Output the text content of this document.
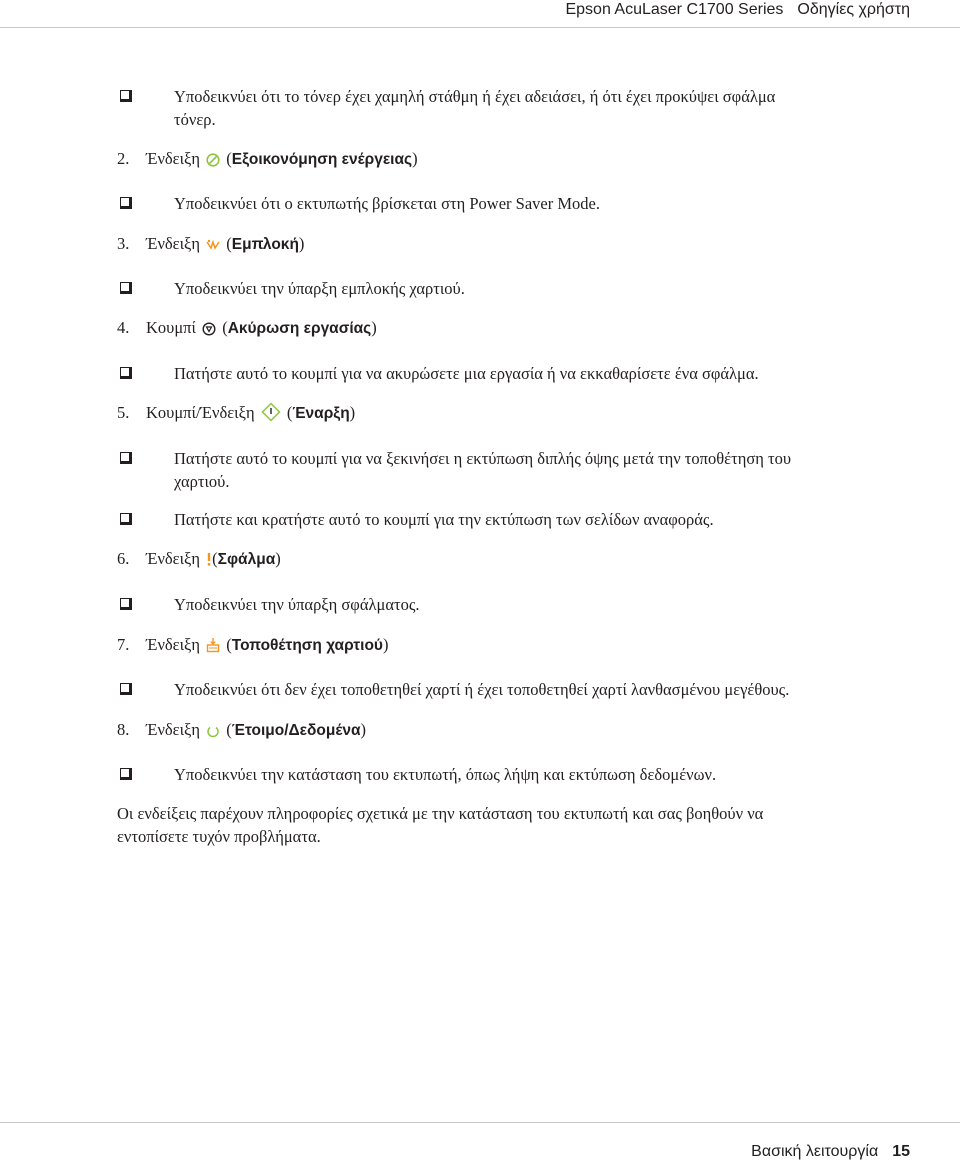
Epson AcuLaser C1700 Series Οδηγίες χρήστη
Υποδεικνύει ότι το τόνερ έχει χαμηλή στάθμη ή έχει αδειάσει, ή ότι έχει προκύψει σφάλμα
τόνερ.
2. Ένδειξη (Εξοικονόμηση ενέργειας)
Υποδεικνύει ότι ο εκτυπωτής βρίσκεται στη Power Saver Mode.
3. Ένδειξη (Εμπλοκή)
Υποδεικνύει την ύπαρξη εμπλοκής χαρτιού.
4. Κουμπί (Ακύρωση εργασίας)
Πατήστε αυτό το κουμπί για να ακυρώσετε μια εργασία ή να εκκαθαρίσετε ένα σφάλμα.
5. Κουμπί/Ένδειξη (Έναρξη)
Πατήστε αυτό το κουμπί για να ξεκινήσει η εκτύπωση διπλής όψης μετά την τοποθέτηση του
χαρτιού.
Πατήστε και κρατήστε αυτό το κουμπί για την εκτύπωση των σελίδων αναφοράς.
6. Ένδειξη (Σφάλμα)
Υποδεικνύει την ύπαρξη σφάλματος.
7. Ένδειξη (Τοποθέτηση χαρτιού)
Υποδεικνύει ότι δεν έχει τοποθετηθεί χαρτί ή έχει τοποθετηθεί χαρτί λανθασμένου μεγέθους.
8. Ένδειξη (Έτοιμο/Δεδομένα)
Υποδεικνύει την κατάσταση του εκτυπωτή, όπως λήψη και εκτύπωση δεδομένων.
Οι ενδείξεις παρέχουν πληροφορίες σχετικά με την κατάσταση του εκτυπωτή και σας βοηθούν να
εντοπίσετε τυχόν προβλήματα.
Βασική λειτουργία 15
